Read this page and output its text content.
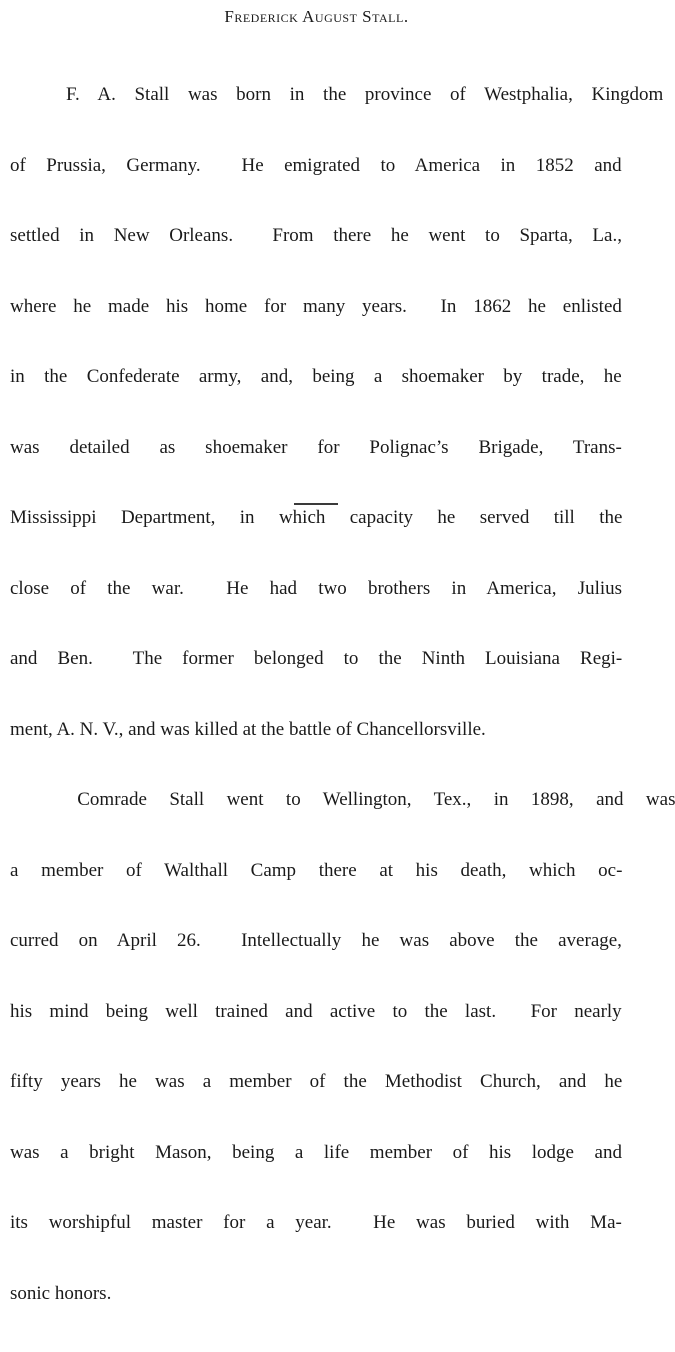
Frederick August Stall.

F. A. Stall was born in the province of Westphalia, Kingdom

of Prussia, Germany.  He emigrated to America in 1852 and

settled in New Orleans.  From there he went to Sparta, La.,

where he made his home for many years.  In 1862 he enlisted

in the Confederate army, and, being a shoemaker by trade, he

was detailed as shoemaker for Polignac’s Brigade, Trans-

Mississippi Department, in which capacity he served till the

close of the war.  He had two brothers in America, Julius

and Ben.  The former belonged to the Ninth Louisiana Regi-

ment, A. N. V., and was killed at the battle of Chancellorsville.

Comrade Stall went to Wellington, Tex., in 1898, and was

a member of Walthall Camp there at his death, which oc-

curred on April 26.  Intellectually he was above the average,

his mind being well trained and active to the last.  For nearly

fifty years he was a member of the Methodist Church, and he

was a bright Mason, being a life member of his lodge and

its worshipful master for a year.  He was buried with Ma-

sonic honors.
